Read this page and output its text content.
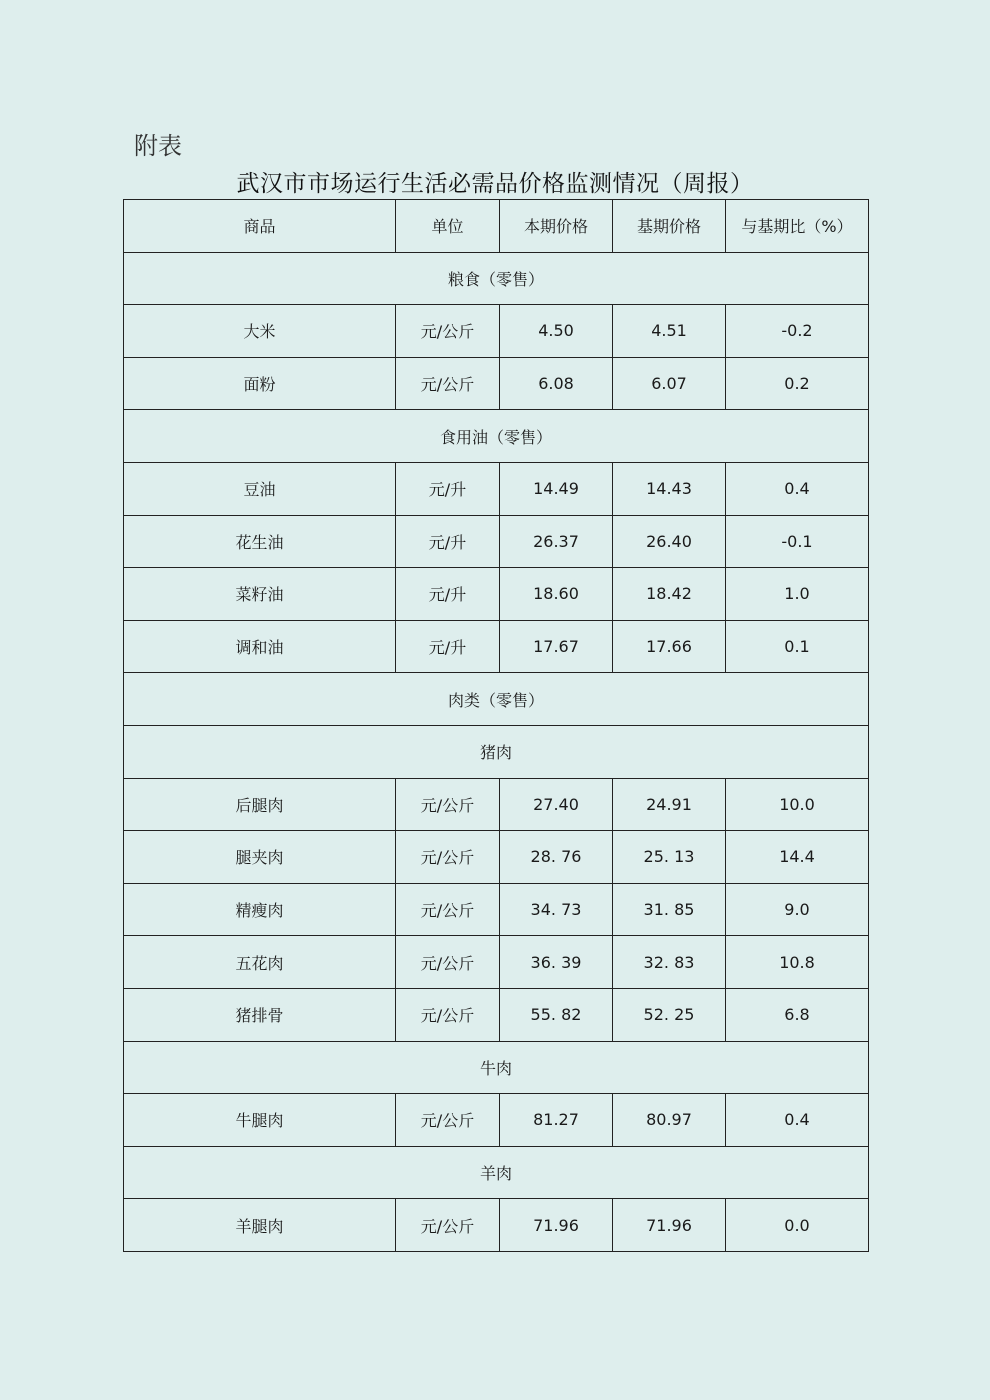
附表
武汉市市场运行生活必需品价格监测情况（周报）
商品	单位	本期价格	基期价格	与基期比（%）
粮食（零售）				
大米	元/公斤	4.50	4.51	-0.2
面粉	元/公斤	6.08	6.07	0.2
食用油（零售）				
豆油	元/升	14.49	14.43	0.4
花生油	元/升	26.37	26.40	-0.1
菜籽油	元/升	18.60	18.42	1.0
调和油	元/升	17.67	17.66	0.1
肉类（零售）				
猪肉				
后腿肉	元/公斤	27.40	24.91	10.0
腿夹肉	元/公斤	28. 76	25. 13	14.4
精瘦肉	元/公斤	34. 73	31. 85	9.0
五花肉	元/公斤	36. 39	32. 83	10.8
猪排骨	元/公斤	55. 82	52. 25	6.8
牛肉				
牛腿肉	元/公斤	81.27	80.97	0.4
羊肉				
羊腿肉	元/公斤	71.96	71.96	0.0
